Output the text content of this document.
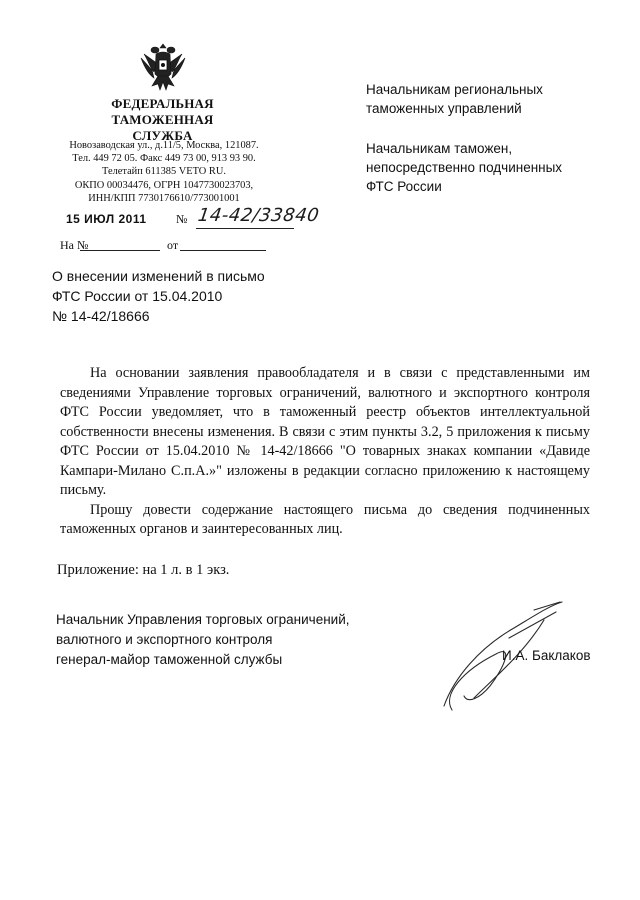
ФЕДЕРАЛЬНАЯ
ТАМОЖЕННАЯ СЛУЖБА
Новозаводская ул., д.11/5, Москва, 121087.
Тел. 449 72 05. Факс 449 73 00, 913 93 90.
Телетайп 611385 VETO RU.
ОКПО 00034476, ОГРН 1047730023703,
ИНН/КПП 7730176610/773001001
15 ИЮЛ 2011 № 14-42/33840
На №	от
Начальникам региональных
таможенных управлений
Начальникам таможен,
непосредственно подчиненных
ФТС России
О внесении изменений в письмо
ФТС России от 15.04.2010
№ 14-42/18666

На основании заявления правообладателя и в связи с представленными им сведениями Управление торговых ограничений, валютного и экспортного контроля ФТС России уведомляет, что в таможенный реестр объектов интеллектуальной собственности внесены изменения. В связи с этим пункты 3.2, 5 приложения к письму ФТС России от 15.04.2010 № 14-42/18666 "О товарных знаках компании «Давиде Кампари-Милано С.п.А.»" изложены в редакции согласно приложению к настоящему письму.

Прошу довести содержание настоящего письма до сведения подчиненных таможенных органов и заинтересованных лиц.

Приложение: на 1 л. в 1 экз.
Начальник Управления торговых ограничений,
валютного и экспортного контроля
генерал-майор таможенной службы	И.А. Баклаков
